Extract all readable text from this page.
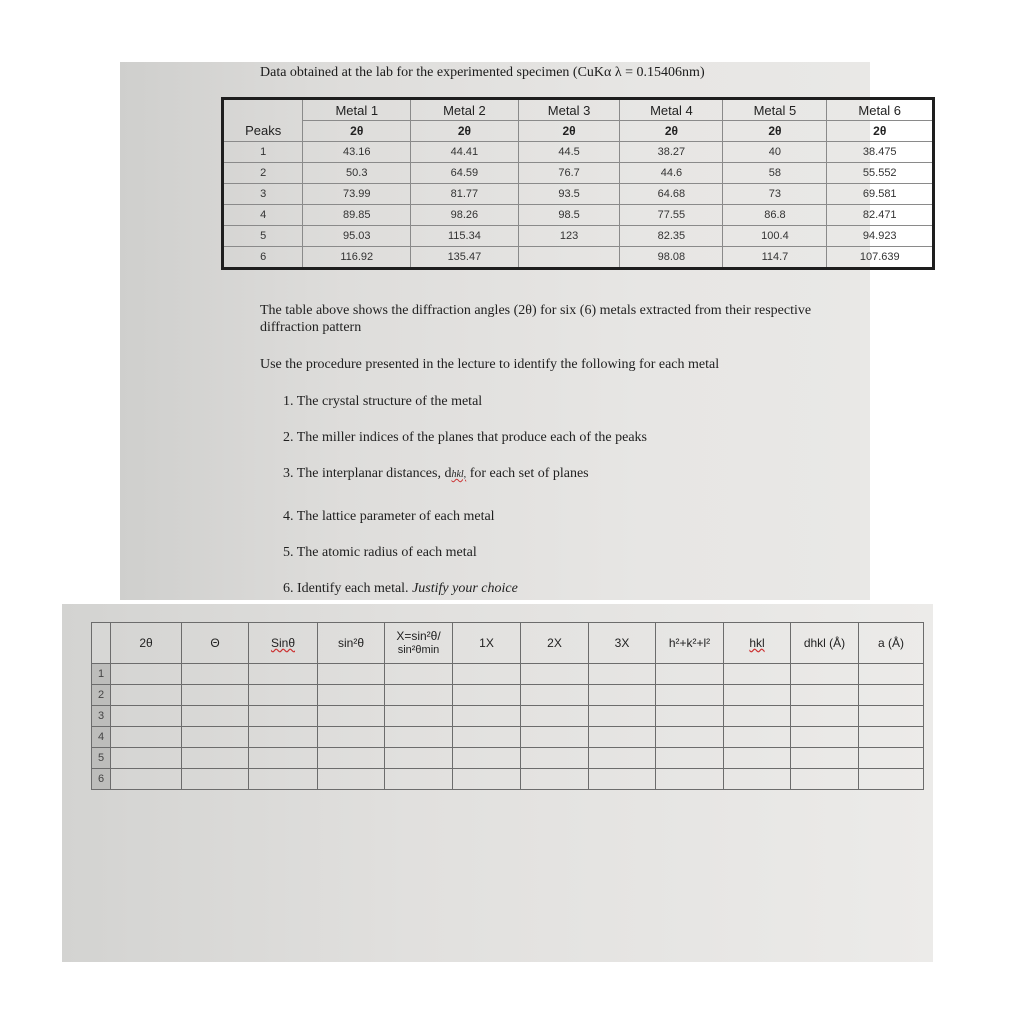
Data obtained at the lab for the experimented specimen (CuKα λ = 0.15406nm)
Peaks	Metal 1	Metal 2	Metal 3	Metal 4	Metal 5	Metal 6
	2θ	2θ	2θ	2θ	2θ	2θ
1	43.16	44.41	44.5	38.27	40	38.475
2	50.3	64.59	76.7	44.6	58	55.552
3	73.99	81.77	93.5	64.68	73	69.581
4	89.85	98.26	98.5	77.55	86.8	82.471
5	95.03	115.34	123	82.35	100.4	94.923
6	116.92	135.47		98.08	114.7	107.639
The table above shows the diffraction angles (2θ) for six (6) metals extracted from their respective diffraction pattern
Use the procedure presented in the lecture to identify the following for each metal
1. The crystal structure of the metal
2. The miller indices of the planes that produce each of the peaks
3. The interplanar distances, dhkl, for each set of planes
4. The lattice parameter of each metal
5. The atomic radius of each metal
6. Identify each metal. Justify your choice
	2θ	Θ	Sinθ	sin²θ	X=sin²θ/
sin²θmin	1X	2X	3X	h²+k²+l²	hkl	dhkl (Å)	a (Å)
1												
2												
3												
4												
5												
6												
